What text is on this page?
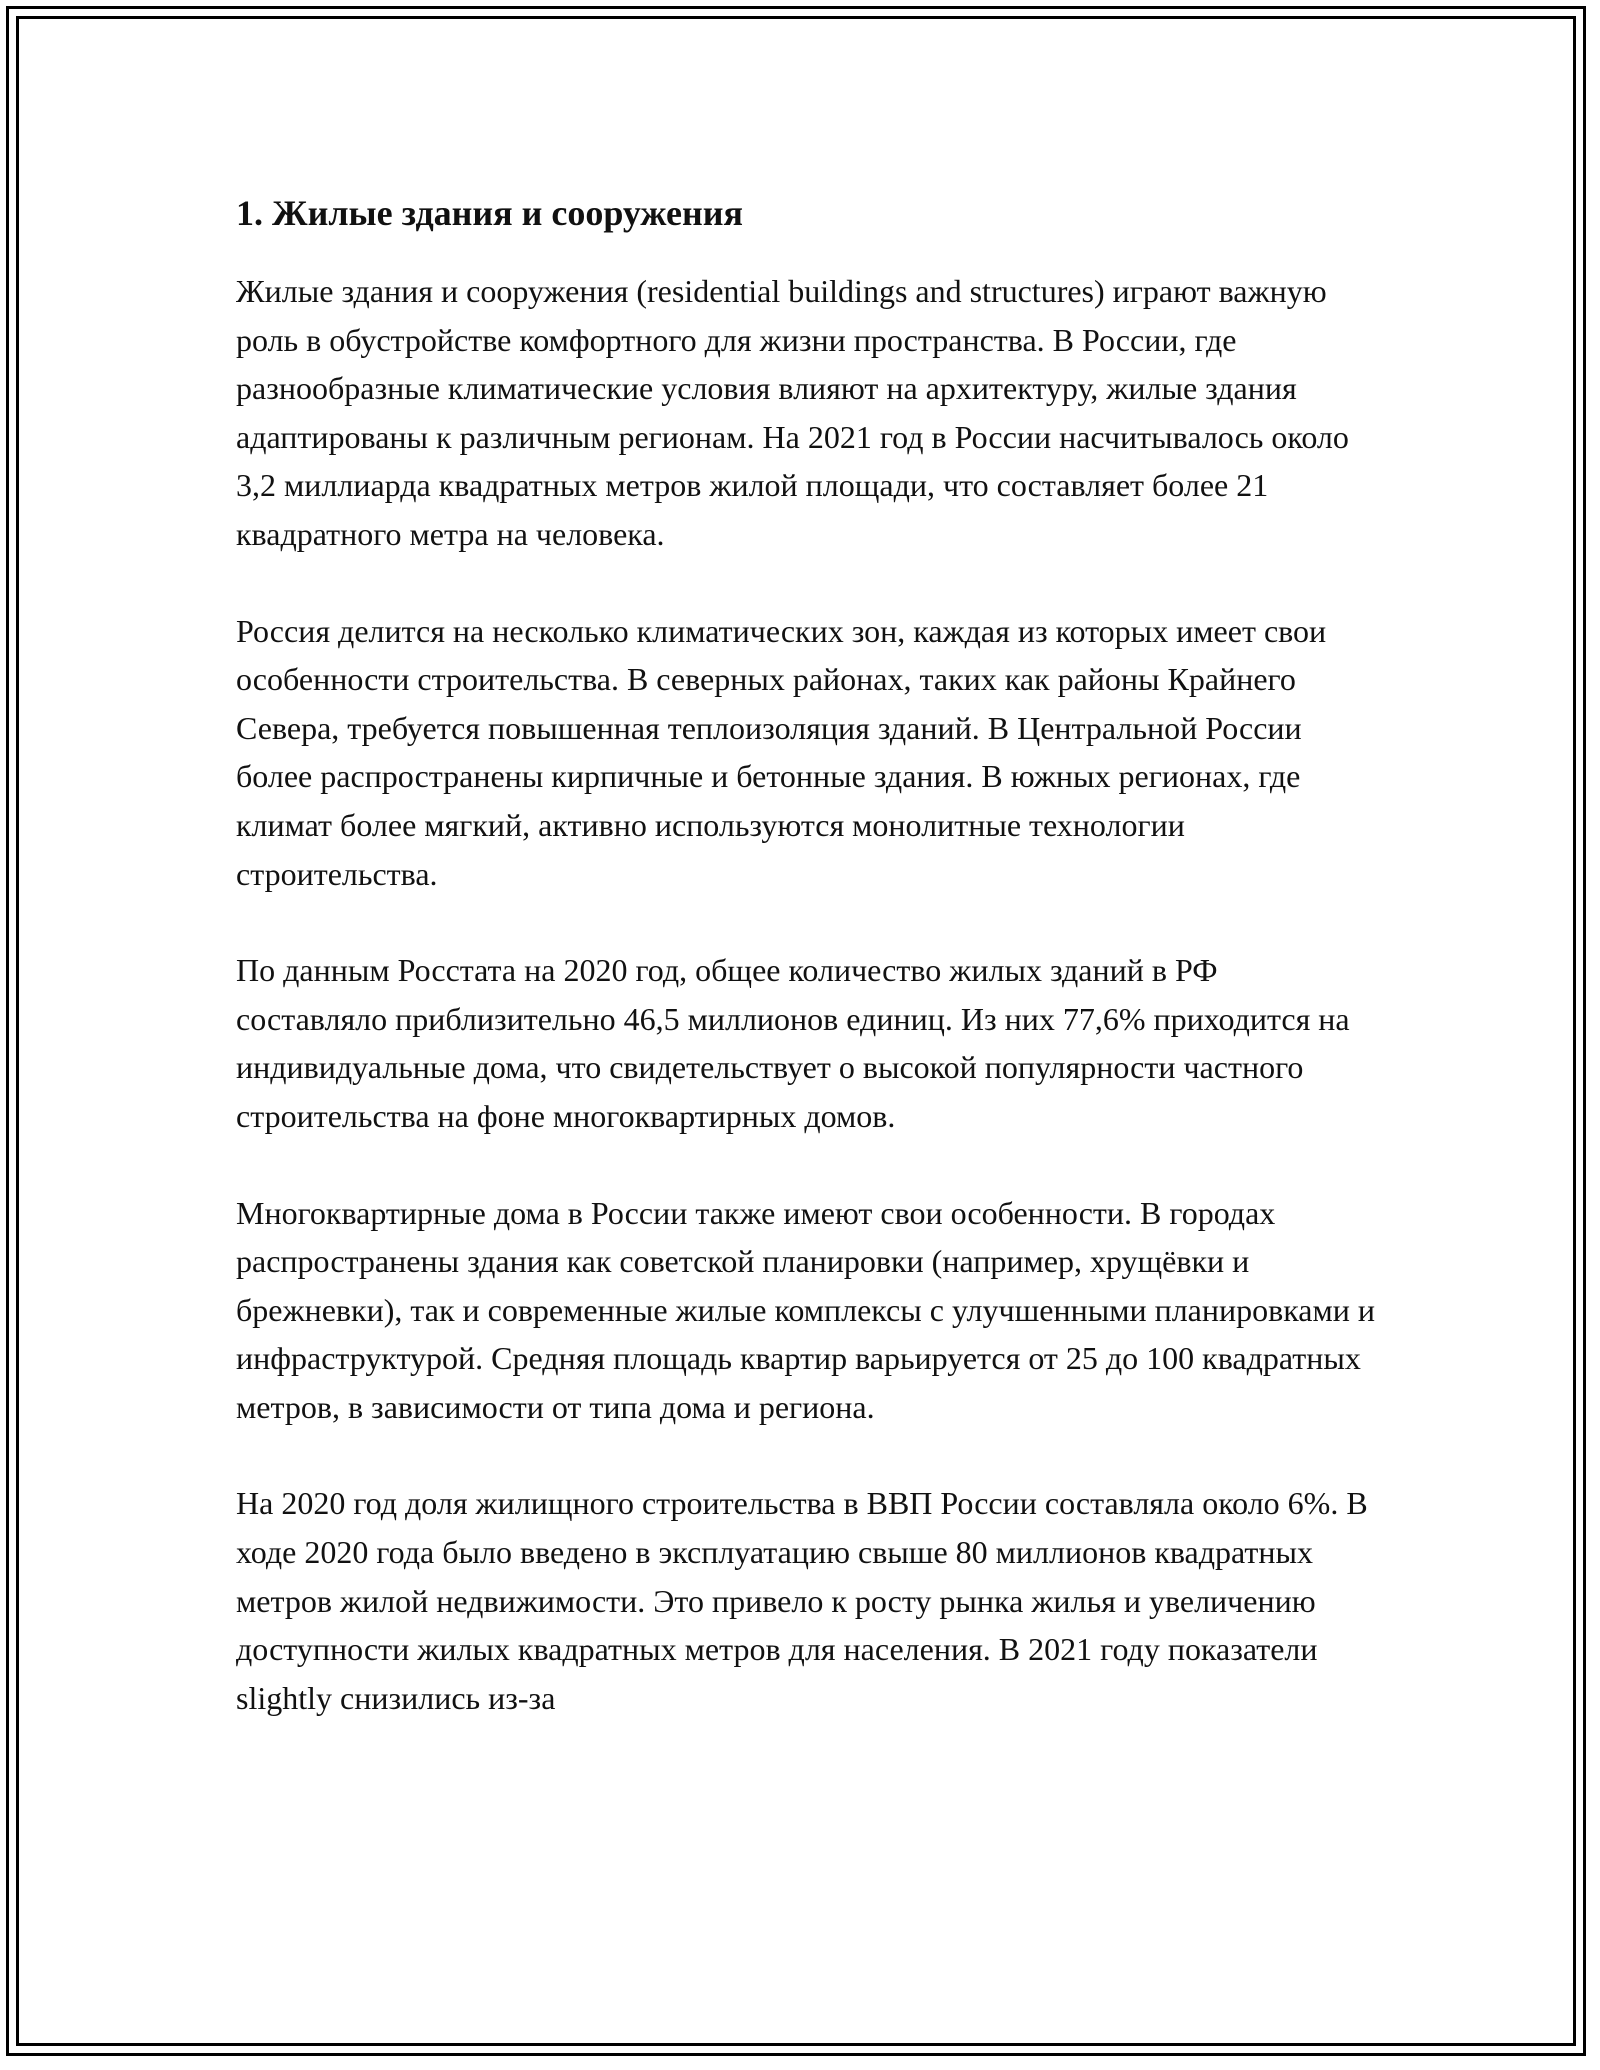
1. Жилые здания и сооружения

Жилые здания и сооружения (residential buildings and structures) играют важную роль в обустройстве комфортного для жизни пространства. В России, где разнообразные климатические условия влияют на архитектуру, жилые здания адаптированы к различным регионам. На 2021 год в России насчитывалось около 3,2 миллиарда квадратных метров жилой площади, что составляет более 21 квадратного метра на человека.

Россия делится на несколько климатических зон, каждая из которых имеет свои особенности строительства. В северных районах, таких как районы Крайнего Севера, требуется повышенная теплоизоляция зданий. В Центральной России более распространены кирпичные и бетонные здания. В южных регионах, где климат более мягкий, активно используются монолитные технологии строительства.

По данным Росстата на 2020 год, общее количество жилых зданий в РФ составляло приблизительно 46,5 миллионов единиц. Из них 77,6% приходится на индивидуальные дома, что свидетельствует о высокой популярности частного строительства на фоне многоквартирных домов.

Многоквартирные дома в России также имеют свои особенности. В городах распространены здания как советской планировки (например, хрущёвки и брежневки), так и современные жилые комплексы с улучшенными планировками и инфраструктурой. Средняя площадь квартир варьируется от 25 до 100 квадратных метров, в зависимости от типа дома и региона.

На 2020 год доля жилищного строительства в ВВП России составляла около 6%. В ходе 2020 года было введено в эксплуатацию свыше 80 миллионов квадратных метров жилой недвижимости. Это привело к росту рынка жилья и увеличению доступности жилых квадратных метров для населения. В 2021 году показатели slightly снизились из-за
